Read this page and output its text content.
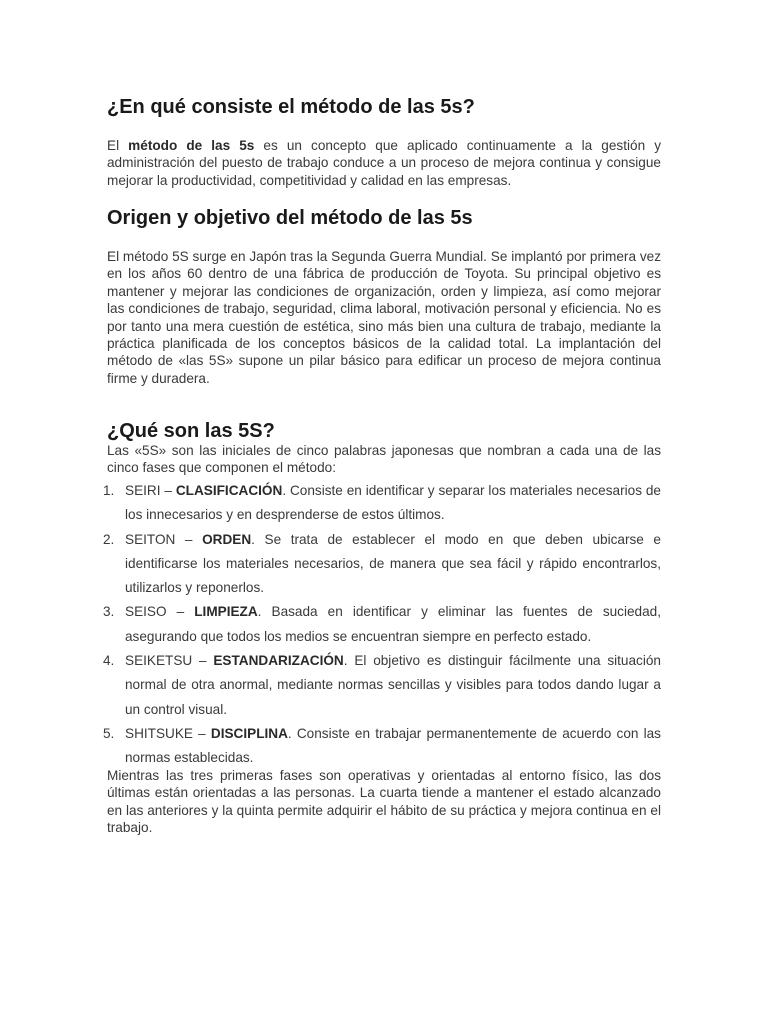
¿En qué consiste el método de las 5s?

El método de las 5s es un concepto que aplicado continuamente a la gestión y administración del puesto de trabajo conduce a un proceso de mejora continua y consigue mejorar la productividad, competitividad y calidad en las empresas.

Origen y objetivo del método de las 5s

El método 5S surge en Japón tras la Segunda Guerra Mundial. Se implantó por primera vez en los años 60 dentro de una fábrica de producción de Toyota. Su principal objetivo es mantener y mejorar las condiciones de organización, orden y limpieza, así como mejorar las condiciones de trabajo, seguridad, clima laboral, motivación personal y eficiencia. No es por tanto una mera cuestión de estética, sino más bien una cultura de trabajo, mediante la práctica planificada de los conceptos básicos de la calidad total. La implantación del método de «las 5S» supone un pilar básico para edificar un proceso de mejora continua firme y duradera.

¿Qué son las 5S?

Las «5S» son las iniciales de cinco palabras japonesas que nombran a cada una de las cinco fases que componen el método:

1. SEIRI – CLASIFICACIÓN. Consiste en identificar y separar los materiales necesarios de los innecesarios y en desprenderse de estos últimos.
2. SEITON – ORDEN. Se trata de establecer el modo en que deben ubicarse e identificarse los materiales necesarios, de manera que sea fácil y rápido encontrarlos, utilizarlos y reponerlos.
3. SEISO – LIMPIEZA. Basada en identificar y eliminar las fuentes de suciedad, asegurando que todos los medios se encuentran siempre en perfecto estado.
4. SEIKETSU – ESTANDARIZACIÓN. El objetivo es distinguir fácilmente una situación normal de otra anormal, mediante normas sencillas y visibles para todos dando lugar a un control visual.
5. SHITSUKE – DISCIPLINA. Consiste en trabajar permanentemente de acuerdo con las normas establecidas.

Mientras las tres primeras fases son operativas y orientadas al entorno físico, las dos últimas están orientadas a las personas. La cuarta tiende a mantener el estado alcanzado en las anteriores y la quinta permite adquirir el hábito de su práctica y mejora continua en el trabajo.
